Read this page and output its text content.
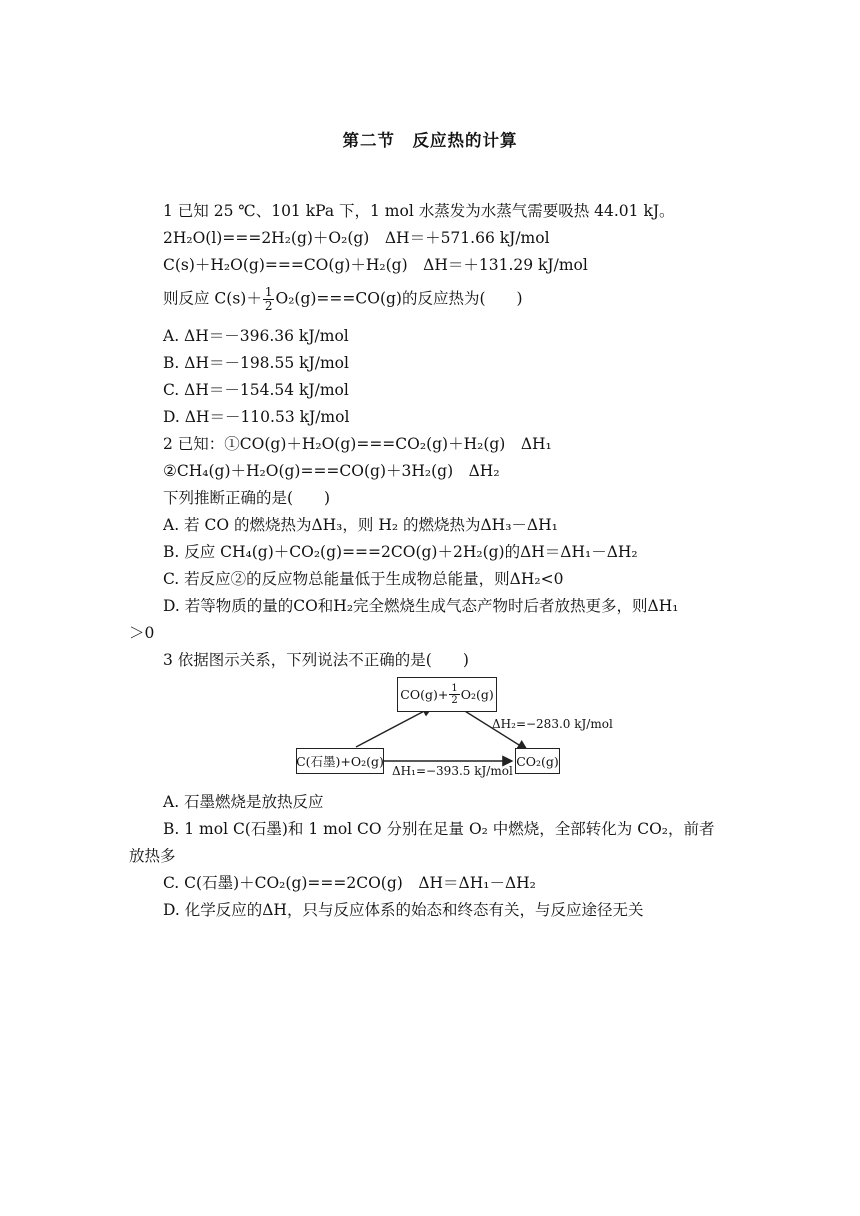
第二节　反应热的计算
1 已知 25 ℃、101 kPa 下，1 mol 水蒸发为水蒸气需要吸热 44.01 kJ。
2H₂O(l)===2H₂(g)＋O₂(g)　ΔH＝＋571.66 kJ/mol
C(s)＋H₂O(g)===CO(g)＋H₂(g)　ΔH＝＋131.29 kJ/mol
则反应 $C(s)+ \frac{1}{2} O_2(g)===CO(g)$的反应热为(　　)
A. ΔH＝－396.36 kJ/mol
B. ΔH＝－198.55 kJ/mol
C. ΔH＝－154.54 kJ/mol
D. ΔH＝－110.53 kJ/mol
2 已知：①CO(g)＋H₂O(g)===CO₂(g)＋H₂(g)　ΔH₁
②CH₄(g)＋H₂O(g)===CO(g)＋3H₂(g)　ΔH₂
下列推断正确的是(　　)
A. 若 CO 的燃烧热为ΔH₃，则 H₂ 的燃烧热为ΔH₃－ΔH₁
B. 反应 CH₄(g)＋CO₂(g)===2CO(g)＋2H₂(g)的ΔH＝ΔH₁－ΔH₂
C. 若反应②的反应物总能量低于生成物总能量，则ΔH₂<0
D. 若等物质的量的CO和H₂完全燃烧生成气态产物时后者放热更多，则ΔH₁
＞0
3 依据图示关系，下列说法不正确的是(　　)
$CO(g)+ \frac{1}{2} O_2(g)$
C(石墨)+O₂(g)	CO₂(g)
ΔH₂=−283.0 kJ/mol
ΔH₁=−393.5 kJ/mol
A. 石墨燃烧是放热反应
B. 1 mol C(石墨)和 1 mol CO 分别在足量 O₂ 中燃烧，全部转化为 CO₂，前者
放热多
C. C(石墨)＋CO₂(g)===2CO(g)　ΔH＝ΔH₁－ΔH₂
D. 化学反应的ΔH，只与反应体系的始态和终态有关，与反应途径无关
